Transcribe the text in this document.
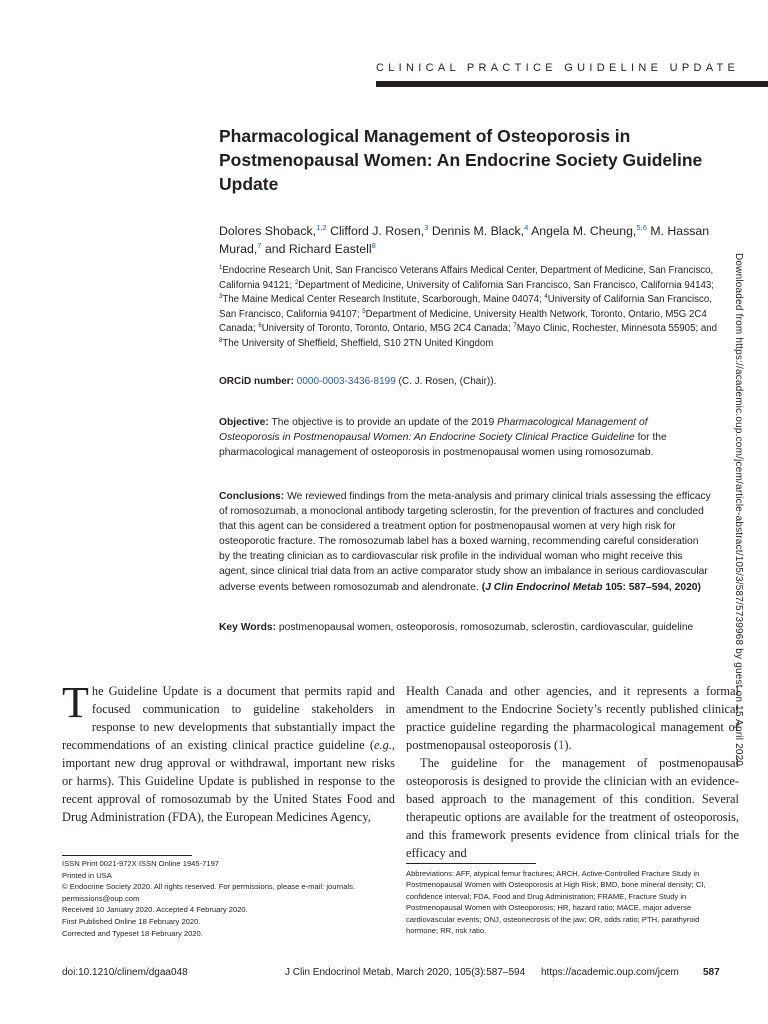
CLINICAL PRACTICE GUIDELINE UPDATE
Pharmacological Management of Osteoporosis in Postmenopausal Women: An Endocrine Society Guideline Update

Dolores Shoback,$^{1,2}$ Clifford J. Rosen,$^3$ Dennis M. Black,$^4$ Angela M. Cheung,$^{5,6}$ M. Hassan Murad,$^7$ and Richard Eastell$^8$

$^1$Endocrine Research Unit, San Francisco Veterans Affairs Medical Center, Department of Medicine, San Francisco, California 94121; $^2$Department of Medicine, University of California San Francisco, San Francisco, California 94143; $^3$The Maine Medical Center Research Institute, Scarborough, Maine 04074; $^4$University of California San Francisco, San Francisco, California 94107; $^5$Department of Medicine, University Health Network, Toronto, Ontario, M5G 2C4 Canada; $^6$University of Toronto, Toronto, Ontario, M5G 2C4 Canada; $^7$Mayo Clinic, Rochester, Minnesota 55905; and $^8$The University of Sheffield, Sheffield, S10 2TN United Kingdom

ORCiD number: 0000-0003-3436-8199 (C. J. Rosen, (Chair)).

Objective: The objective is to provide an update of the 2019 Pharmacological Management of Osteoporosis in Postmenopausal Women: An Endocrine Society Clinical Practice Guideline for the pharmacological management of osteoporosis in postmenopausal women using romosozumab.

Conclusions: We reviewed findings from the meta-analysis and primary clinical trials assessing the efficacy of romosozumab, a monoclonal antibody targeting sclerostin, for the prevention of fractures and concluded that this agent can be considered a treatment option for postmenopausal women at very high risk for osteoporotic fracture. The romosozumab label has a boxed warning, recommending careful consideration by the treating clinician as to cardiovascular risk profile in the individual woman who might receive this agent, since clinical trial data from an active comparator study show an imbalance in serious cardiovascular adverse events between romosozumab and alendronate. (J Clin Endocrinol Metab 105: 587–594, 2020)

Key Words: postmenopausal women, osteoporosis, romosozumab, sclerostin, cardiovascular, guideline

The Guideline Update is a document that permits rapid and focused communication to guideline stakeholders in response to new developments that substantially impact the recommendations of an existing clinical practice guideline (e.g., important new drug approval or withdrawal, important new risks or harms). This Guideline Update is published in response to the recent approval of romosozumab by the United States Food and Drug Administration (FDA), the European Medicines Agency,
Health Canada and other agencies, and it represents a formal amendment to the Endocrine Society’s recently published clinical practice guideline regarding the pharmacological management of postmenopausal osteoporosis (1).
The guideline for the management of postmenopausal osteoporosis is designed to provide the clinician with an evidence-based approach to the management of this condition. Several therapeutic options are available for the treatment of osteoporosis, and this framework presents evidence from clinical trials for the efficacy and
ISSN Print 0021-972X ISSN Online 1945-7197
Printed in USA
© Endocrine Society 2020. All rights reserved. For permissions, please e-mail: journals.
permissions@oup.com
Received 10 January 2020. Accepted 4 February 2020.
First Published Online 18 February 2020.
Corrected and Typeset 18 February 2020.

Abbreviations: AFF, atypical femur fractures; ARCH, Active-Controlled Fracture Study in Postmenopausal Women with Osteoporosis at High Risk; BMD, bone mineral density; CI, confidence interval; FDA, Food and Drug Administration; FRAME, Fracture Study in Postmenopausal Women with Osteoporosis; HR, hazard ratio; MACE, major adverse cardiovascular events; ONJ, osteonecrosis of the jaw; OR, odds ratio; PTH, parathyroid hormone; RR, risk ratio.

doi:10.1210/clinem/dgaa048	J Clin Endocrinol Metab, March 2020, 105(3):587–594 https://academic.oup.com/jcem 587
Downloaded from https://academic.oup.com/jcem/article-abstract/105/3/587/5739968 by guest on 15 April 2020
